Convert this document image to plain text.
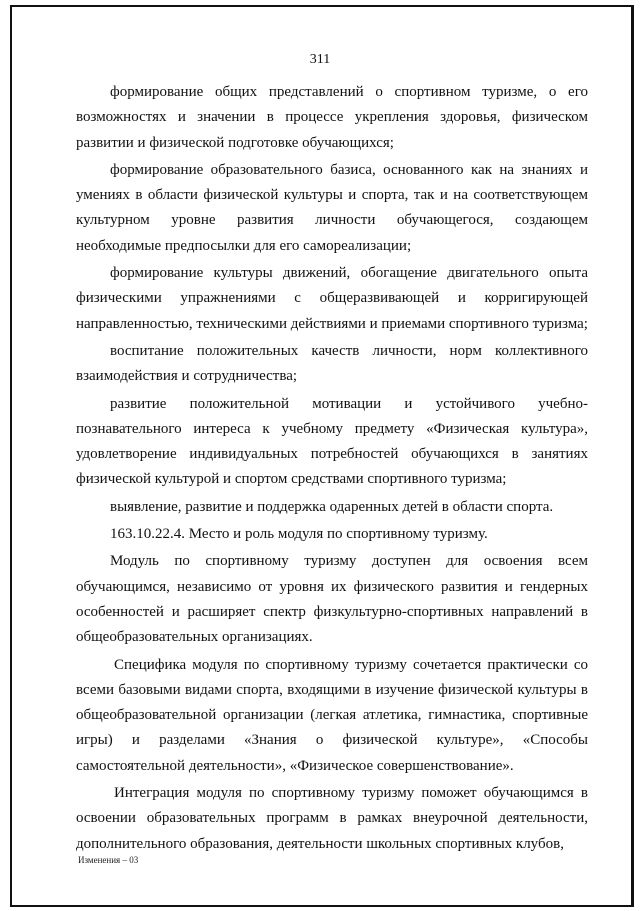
311

формирование общих представлений о спортивном туризме, о его возможностях и значении в процессе укрепления здоровья, физическом развитии и физической подготовке обучающихся;

формирование образовательного базиса, основанного как на знаниях и умениях в области физической культуры и спорта, так и на соответствующем культурном уровне развития личности обучающегося, создающем необходимые предпосылки для его самореализации;

формирование культуры движений, обогащение двигательного опыта физическими упражнениями с общеразвивающей и корригирующей направленностью, техническими действиями и приемами спортивного туризма;

воспитание положительных качеств личности, норм коллективного взаимодействия и сотрудничества;

развитие положительной мотивации и устойчивого учебно-познавательного интереса к учебному предмету «Физическая культура», удовлетворение индивидуальных потребностей обучающихся в занятиях физической культурой и спортом средствами спортивного туризма;

выявление, развитие и поддержка одаренных детей в области спорта.

163.10.22.4. Место и роль модуля по спортивному туризму.

Модуль по спортивному туризму доступен для освоения всем обучающимся, независимо от уровня их физического развития и гендерных особенностей и расширяет спектр физкультурно-спортивных направлений в общеобразовательных организациях.

Специфика модуля по спортивному туризму сочетается практически со всеми базовыми видами спорта, входящими в изучение физической культуры в общеобразовательной организации (легкая атлетика, гимнастика, спортивные игры) и разделами «Знания о физической культуре», «Способы самостоятельной деятельности», «Физическое совершенствование».

Интеграция модуля по спортивному туризму поможет обучающимся в освоении образовательных программ в рамках внеурочной деятельности, дополнительного образования, деятельности школьных спортивных клубов,

Изменения – 03
